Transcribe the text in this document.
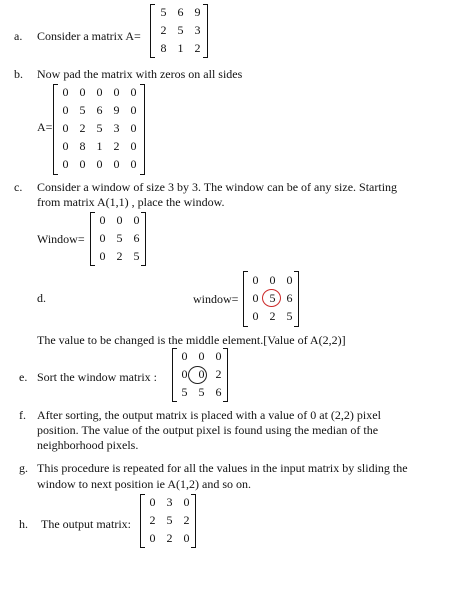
a. Consider a matrix A=
5 6 9
2 5 3
8 1 2
b. Now pad the matrix with zeros on all sides
A=
0 0 0 0 0
0 5 6 9 0
0 2 5 3 0
0 8 1 2 0
0 0 0 0 0
c. Consider a window of size 3 by 3. The window can be of any size. Starting
from matrix A(1,1) , place the window.
Window=
0 0 0
0 5 6
0 2 5
d.	window=
0 0 0
0 5 6
0 2 5
The value to be changed is the middle element.[Value of A(2,2)]
e. Sort the window matrix :
0 0 0
0 0 2
5 5 6
f. After sorting, the output matrix is placed with a value of 0 at (2,2) pixel
position. The value of the output pixel is found using the median of the
neighborhood pixels.
g. This procedure is repeated for all the values in the input matrix by sliding the
window to next position ie A(1,2) and so on.
h. The output matrix:
0 3 0
2 5 2
0 2 0
